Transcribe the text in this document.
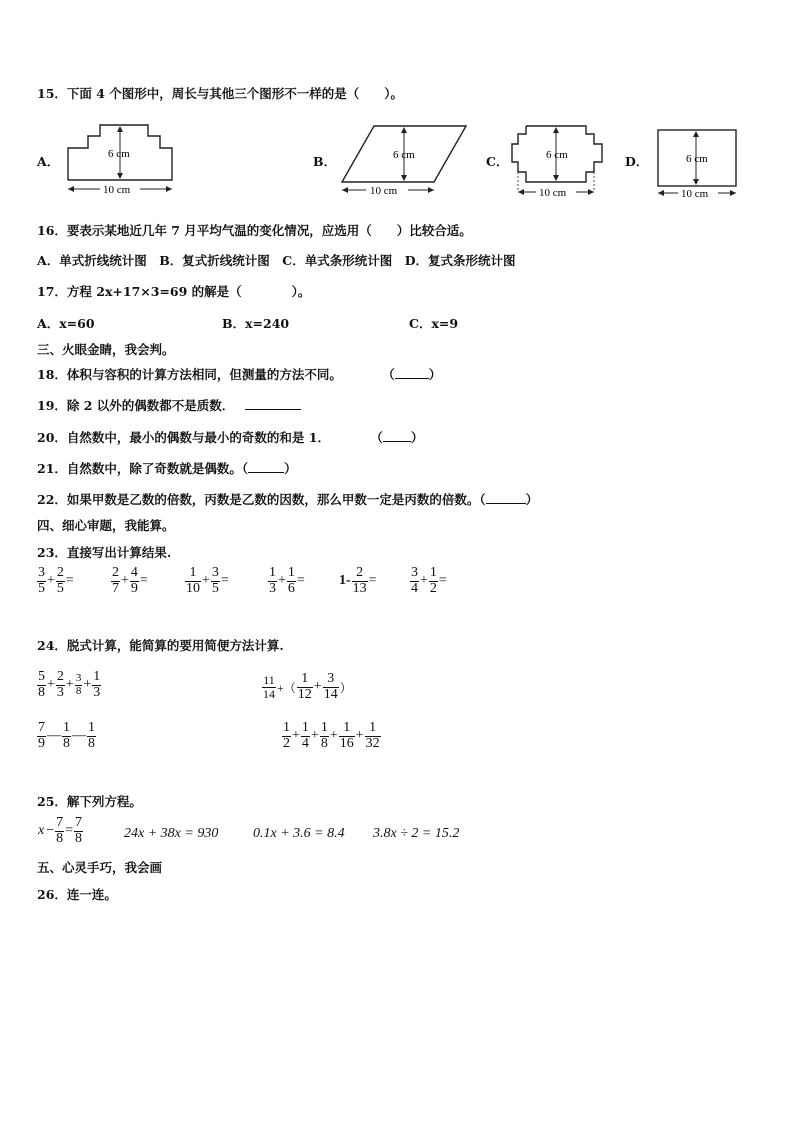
15．下面 4 个图形中，周长与其他三个图形不一样的是（　　）。
A．	6 cm
10 cm
B．	6 cm
10 cm
C．	6 cm
10 cm
D．	6 cm
10 cm
16．要表示某地近几年 7 月平均气温的变化情况，应选用（　　）比较合适。
A．单式折线统计图　B．复式折线统计图　C．单式条形统计图　D．复式条形统计图
17．方程 2x+17×3=69 的解是（　　　　）。
A．x=60	B．x=240	C．x=9
三、火眼金睛，我会判。
18．体积与容积的计算方法相同，但测量的方法不同。	（	）
19．除 2 以外的偶数都不是质数．
20．自然数中，最小的偶数与最小的奇数的和是 1．	（ ）
21．自然数中，除了奇数就是偶数。（	）
22．如果甲数是乙数的倍数，丙数是乙数的因数，那么甲数一定是丙数的倍数。（	）
四、细心审题，我能算。
23．直接写出计算结果.
$\frac{3}{5} + \frac{2}{5}$ =	$\frac{2}{7} + \frac{4}{9}$ =	$\frac{1}{10} + \frac{3}{5}$ =	$\frac{1}{3} + \frac{1}{6} = 1- \frac{2}{13} = \frac{3}{4} + \frac{1}{2}$ =
24．脱式计算，能简算的要用简便方法计算.
$\frac{5}{8} + \frac{2}{3} + \frac{3}{8} + \frac{1}{3}$	$\frac{11}{14}$ +（ $\frac{1}{12} + \frac{3}{14}$ ）
$\frac{7}{9}$ — $\frac{1}{8}$ — $\frac{1}{8}$	$\frac{1}{2} + \frac{1}{4} + \frac{1}{8} + \frac{1}{16} + \frac{1}{32}$
25．解下列方程。
$x - \frac{7}{8} = \frac{7}{8}$	24x + 38x = 930 0.1x + 3.6 = 8.4 3.8x ÷ 2 = 15.2
五、心灵手巧，我会画
26．连一连。
